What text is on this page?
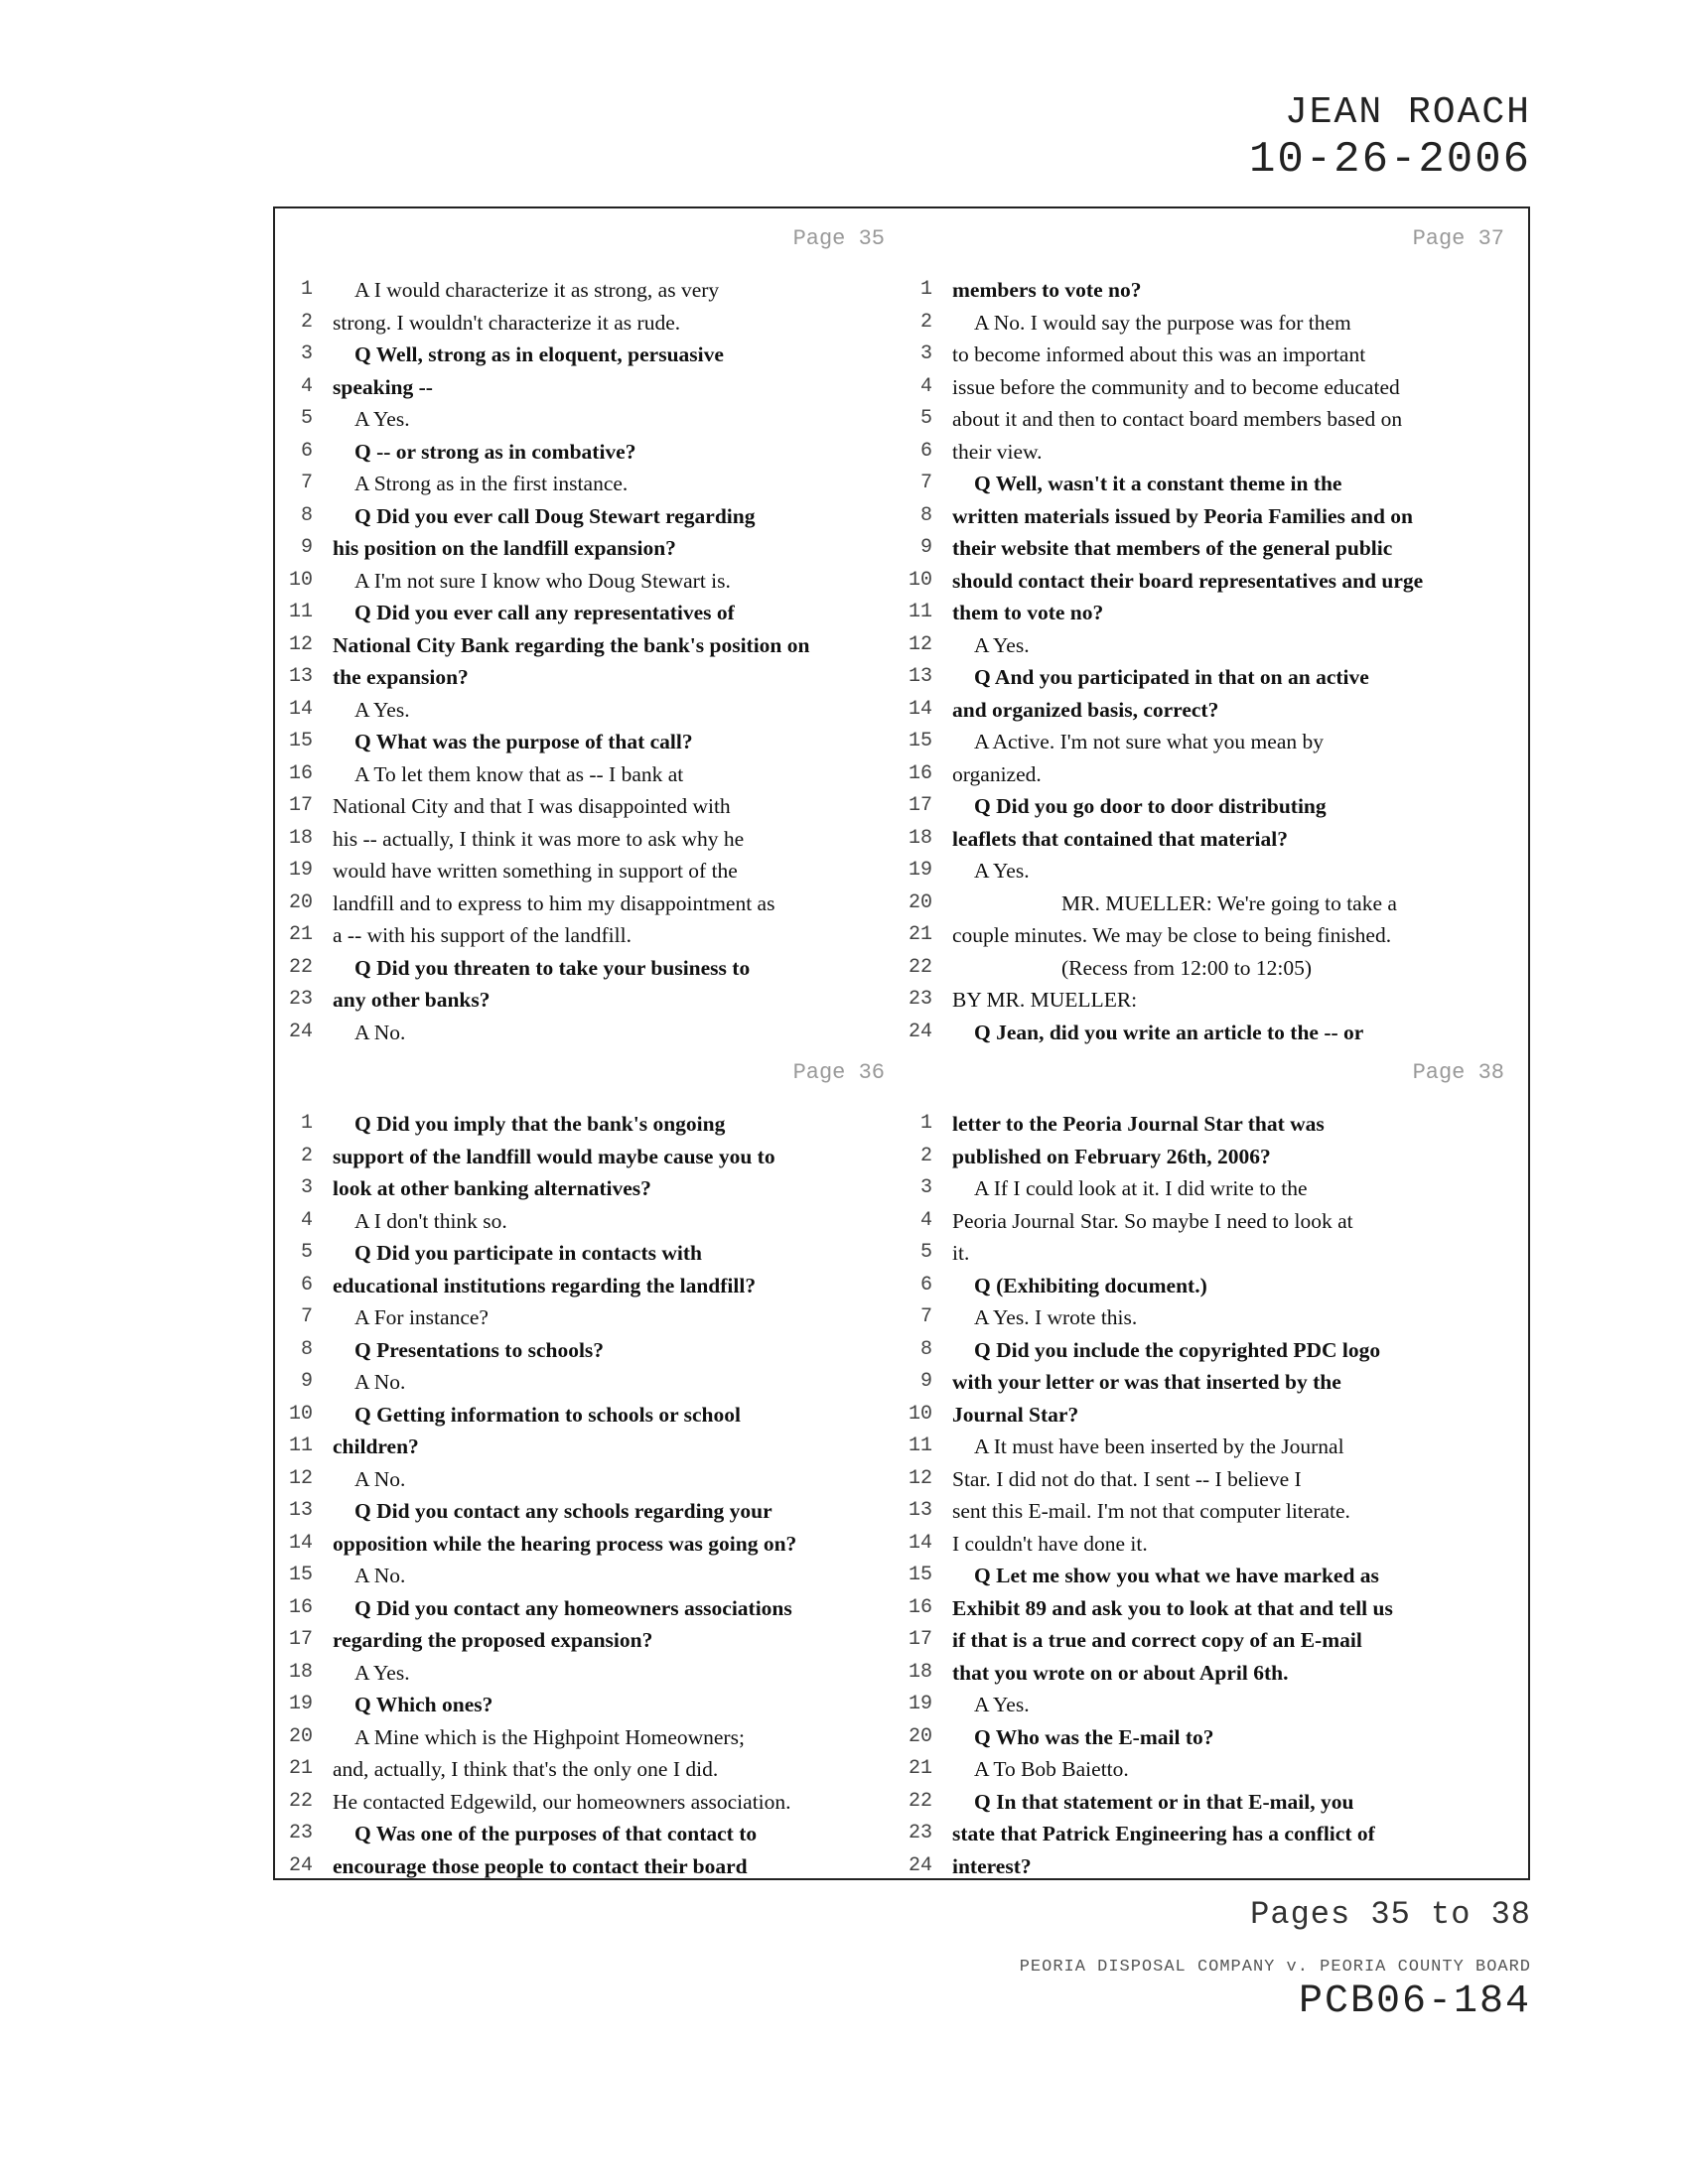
JEAN ROACH
10-26-2006
Page 35
1	A I would characterize it as strong, as very
2 strong. I wouldn't characterize it as rude.
3	Q Well, strong as in eloquent, persuasive
4 speaking --
5	A Yes.
6	Q -- or strong as in combative?
7	A Strong as in the first instance.
8	Q Did you ever call Doug Stewart regarding
9 his position on the landfill expansion?
10	A I'm not sure I know who Doug Stewart is.
11	Q Did you ever call any representatives of
12 National City Bank regarding the bank's position on
13 the expansion?
14	A Yes.
15	Q What was the purpose of that call?
16	A To let them know that as -- I bank at
17 National City and that I was disappointed with
18 his -- actually, I think it was more to ask why he
19 would have written something in support of the
20 landfill and to express to him my disappointment as
21 a -- with his support of the landfill.
22	Q Did you threaten to take your business to
23 any other banks?
24	A No.
Page 37
1 members to vote no?
2	A No. I would say the purpose was for them
3 to become informed about this was an important
4 issue before the community and to become educated
5 about it and then to contact board members based on
6 their view.
7	Q Well, wasn't it a constant theme in the
8 written materials issued by Peoria Families and on
9 their website that members of the general public
10 should contact their board representatives and urge
11 them to vote no?
12	A Yes.
13	Q And you participated in that on an active
14 and organized basis, correct?
15	A Active. I'm not sure what you mean by
16 organized.
17	Q Did you go door to door distributing
18 leaflets that contained that material?
19	A Yes.
20	MR. MUELLER: We're going to take a
21 couple minutes. We may be close to being finished.
22	(Recess from 12:00 to 12:05)
23 BY MR. MUELLER:
24	Q Jean, did you write an article to the -- or
Page 36
1	Q Did you imply that the bank's ongoing
2 support of the landfill would maybe cause you to
3 look at other banking alternatives?
4	A I don't think so.
5	Q Did you participate in contacts with
6 educational institutions regarding the landfill?
7	A For instance?
8	Q Presentations to schools?
9	A No.
10	Q Getting information to schools or school
11 children?
12	A No.
13	Q Did you contact any schools regarding your
14 opposition while the hearing process was going on?
15	A No.
16	Q Did you contact any homeowners associations
17 regarding the proposed expansion?
18	A Yes.
19	Q Which ones?
20	A Mine which is the Highpoint Homeowners;
21 and, actually, I think that's the only one I did.
22 He contacted Edgewild, our homeowners association.
23	Q Was one of the purposes of that contact to
24 encourage those people to contact their board
Page 38
1 letter to the Peoria Journal Star that was
2 published on February 26th, 2006?
3	A If I could look at it. I did write to the
4 Peoria Journal Star. So maybe I need to look at
5 it.
6	Q (Exhibiting document.)
7	A Yes. I wrote this.
8	Q Did you include the copyrighted PDC logo
9 with your letter or was that inserted by the
10 Journal Star?
11	A It must have been inserted by the Journal
12 Star. I did not do that. I sent -- I believe I
13 sent this E-mail. I'm not that computer literate.
14 I couldn't have done it.
15	Q Let me show you what we have marked as
16 Exhibit 89 and ask you to look at that and tell us
17 if that is a true and correct copy of an E-mail
18 that you wrote on or about April 6th.
19	A Yes.
20	Q Who was the E-mail to?
21	A To Bob Baietto.
22	Q In that statement or in that E-mail, you
23 state that Patrick Engineering has a conflict of
24 interest?
Pages 35 to 38
PEORIA DISPOSAL COMPANY v. PEORIA COUNTY BOARD
PCB06-184
